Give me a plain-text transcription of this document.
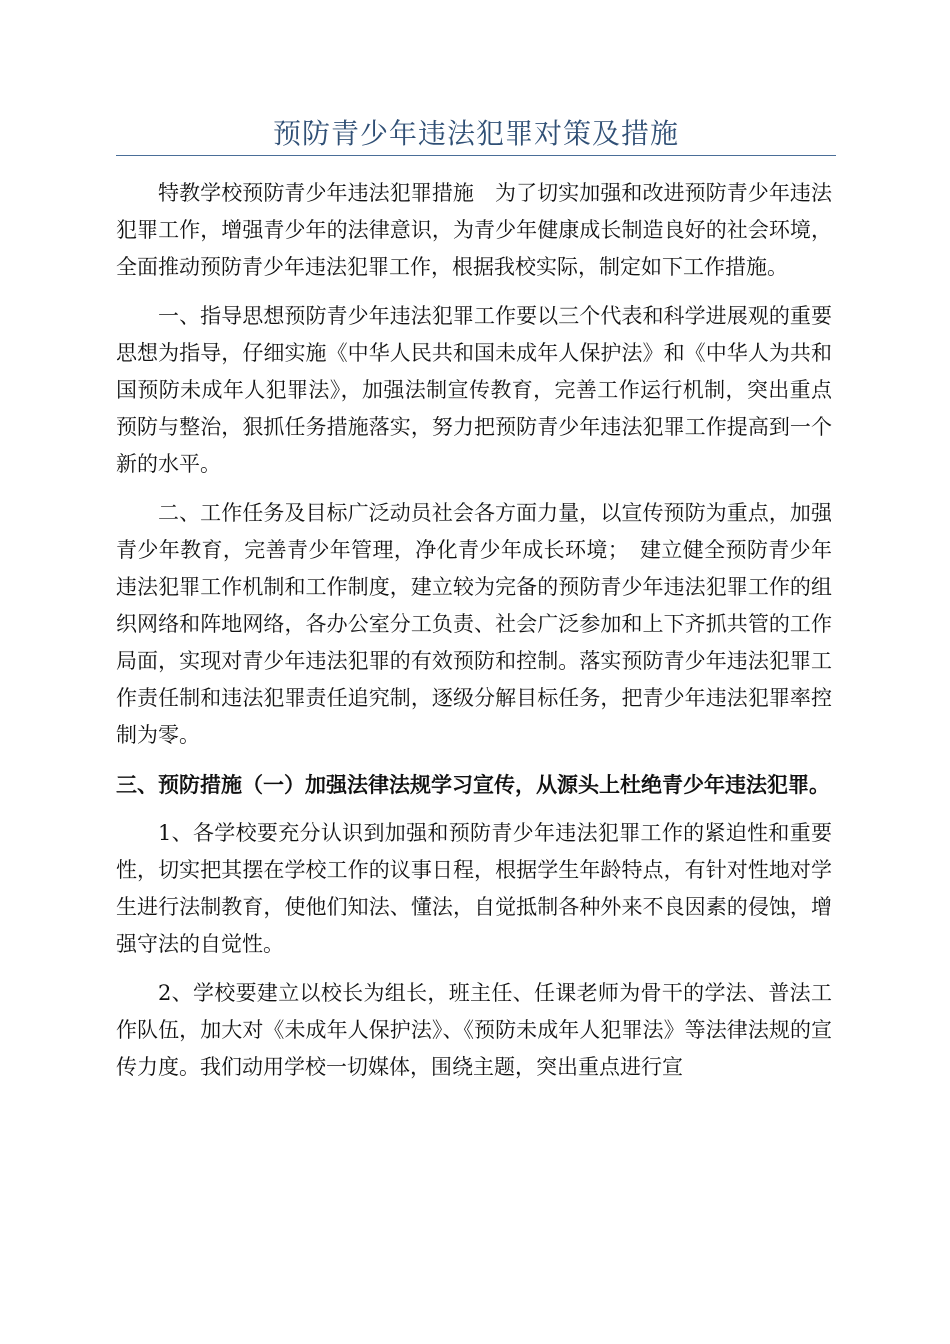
预防青少年违法犯罪对策及措施

特教学校预防青少年违法犯罪措施　为了切实加强和改进预防青少年违法犯罪工作，增强青少年的法律意识，为青少年健康成长制造良好的社会环境，全面推动预防青少年违法犯罪工作，根据我校实际，制定如下工作措施。

一、指导思想预防青少年违法犯罪工作要以三个代表和科学进展观的重要思想为指导，仔细实施《中华人民共和国未成年人保护法》和《中华人为共和国预防未成年人犯罪法》，加强法制宣传教育，完善工作运行机制，突出重点预防与整治，狠抓任务措施落实，努力把预防青少年违法犯罪工作提高到一个新的水平。

二、工作任务及目标广泛动员社会各方面力量，以宣传预防为重点，加强青少年教育，完善青少年管理，净化青少年成长环境；　建立健全预防青少年违法犯罪工作机制和工作制度，建立较为完备的预防青少年违法犯罪工作的组织网络和阵地网络，各办公室分工负责、社会广泛参加和上下齐抓共管的工作局面，实现对青少年违法犯罪的有效预防和控制。落实预防青少年违法犯罪工作责任制和违法犯罪责任追究制，逐级分解目标任务，把青少年违法犯罪率控制为零。

三、预防措施（一）加强法律法规学习宣传，从源头上杜绝青少年违法犯罪。

1、各学校要充分认识到加强和预防青少年违法犯罪工作的紧迫性和重要性，切实把其摆在学校工作的议事日程，根据学生年龄特点，有针对性地对学生进行法制教育，使他们知法、懂法，自觉抵制各种外来不良因素的侵蚀，增强守法的自觉性。

2、学校要建立以校长为组长，班主任、任课老师为骨干的学法、普法工作队伍，加大对《未成年人保护法》、《预防未成年人犯罪法》等法律法规的宣传力度。我们动用学校一切媒体，围绕主题，突出重点进行宣
